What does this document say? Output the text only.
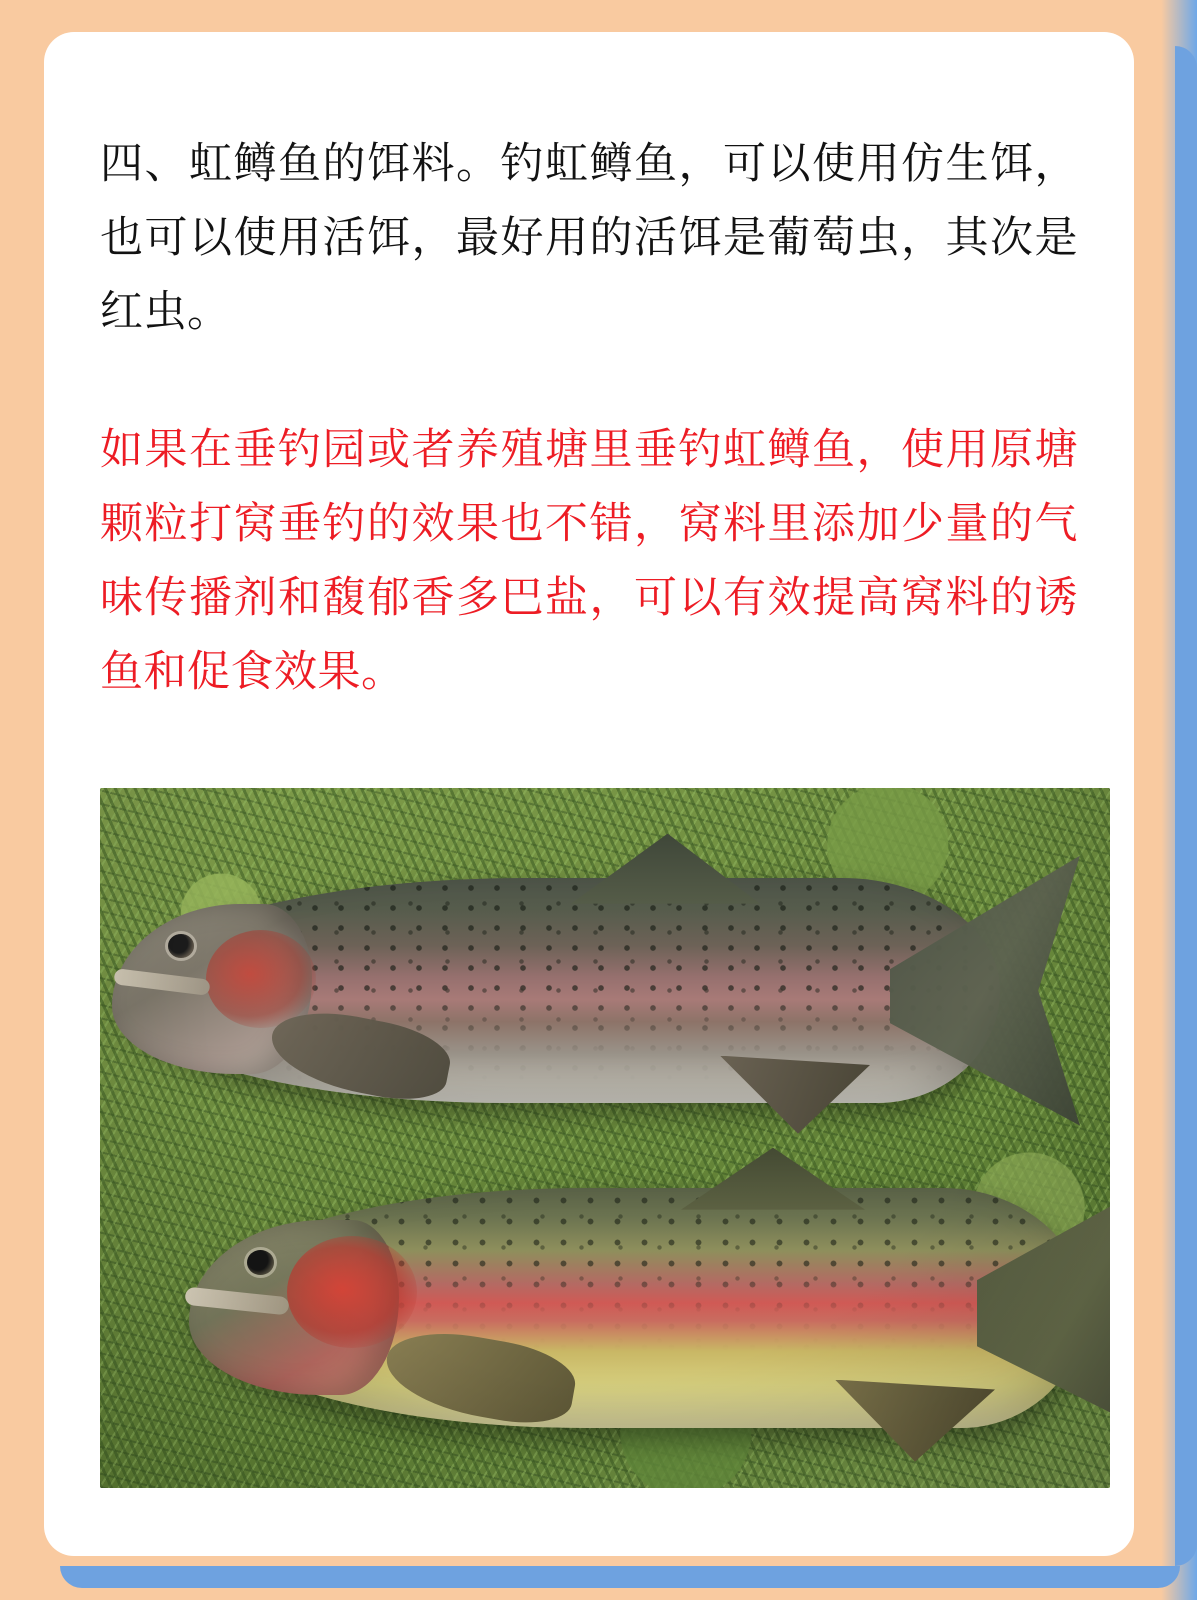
四、虹鳟鱼的饵料。钓虹鳟鱼，可以使用仿生饵，也可以使用活饵，最好用的活饵是葡萄虫，其次是红虫。

如果在垂钓园或者养殖塘里垂钓虹鳟鱼，使用原塘颗粒打窝垂钓的效果也不错，窝料里添加少量的气味传播剂和馥郁香多巴盐，可以有效提高窝料的诱鱼和促食效果。
